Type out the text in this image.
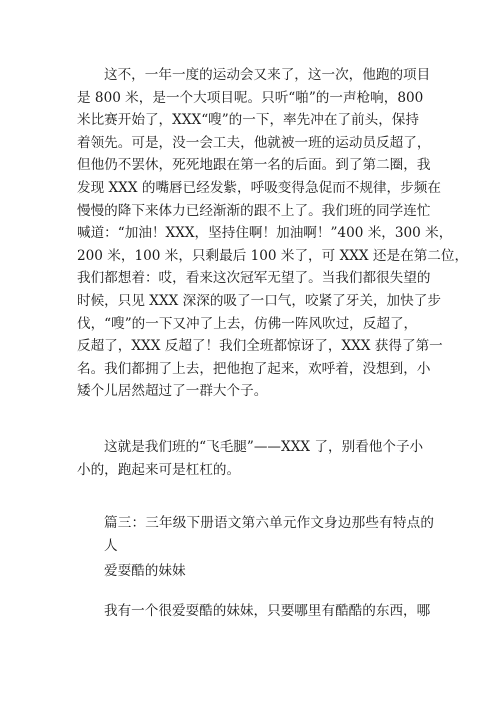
这不，一年一度的运动会又来了，这一次，他跑的项目
是 800 米，是一个大项目呢。只听“啪”的一声枪响，800
米比赛开始了，XXX“嗖”的一下，率先冲在了前头，保持
着领先。可是，没一会工夫，他就被一班的运动员反超了，
但他仍不罢休，死死地跟在第一名的后面。到了第二圈，我
发现 XXX 的嘴唇已经发紫，呼吸变得急促而不规律，步频在
慢慢的降下来体力已经渐渐的跟不上了。我们班的同学连忙
喊道：“加油！XXX，坚持住啊！加油啊！”400 米，300 米，
200 米，100 米，只剩最后 100 米了，可 XXX 还是在第二位，
我们都想着：哎，看来这次冠军无望了。当我们都很失望的
时候，只见 XXX 深深的吸了一口气，咬紧了牙关，加快了步
伐，“嗖”的一下又冲了上去，仿佛一阵风吹过，反超了，
反超了，XXX 反超了！我们全班都惊讶了，XXX 获得了第一
名。我们都拥了上去，把他抱了起来，欢呼着，没想到，小
矮个儿居然超过了一群大个子。

这就是我们班的“飞毛腿”——XXX 了，别看他个子小
小的，跑起来可是杠杠的。

篇三：三年级下册语文第六单元作文身边那些有特点的人

爱耍酷的妹妹

我有一个很爱耍酷的妹妹，只要哪里有酷酷的东西，哪
